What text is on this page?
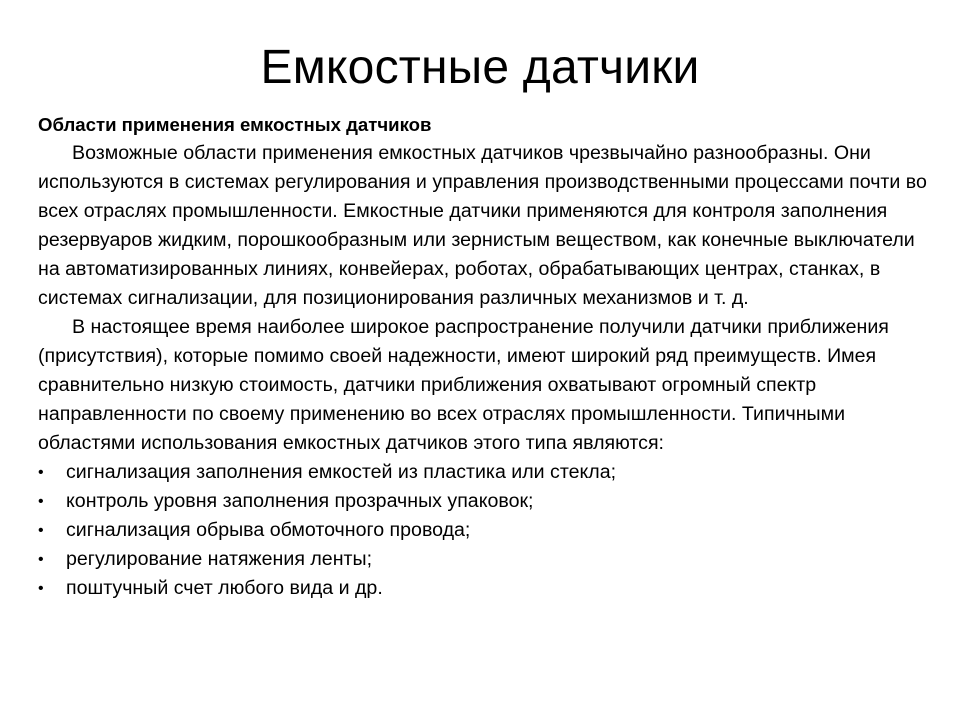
Емкостные датчики
Области применения емкостных датчиков

Возможные области применения емкостных датчиков чрезвычайно разнообразны. Они используются в системах регулирования и управления производственными процессами почти во всех отраслях промышленности. Емкостные датчики применяются для контроля заполнения резервуаров жидким, порошкообразным или зернистым веществом, как конечные выключатели на автоматизированных линиях, конвейерах, роботах, обрабатывающих центрах, станках, в системах сигнализации, для позиционирования различных механизмов и т. д.

В настоящее время наиболее широкое распространение получили датчики приближения (присутствия), которые помимо своей надежности, имеют широкий ряд преимуществ. Имея сравнительно низкую стоимость, датчики приближения охватывают огромный спектр направленности по своему применению во всех отраслях промышленности. Типичными областями использования емкостных датчиков этого типа являются:

•	сигнализация заполнения емкостей из пластика или стекла;
•	контроль уровня заполнения прозрачных упаковок;
•	сигнализация обрыва обмоточного провода;
•	регулирование натяжения ленты;
•	поштучный счет любого вида и др.
